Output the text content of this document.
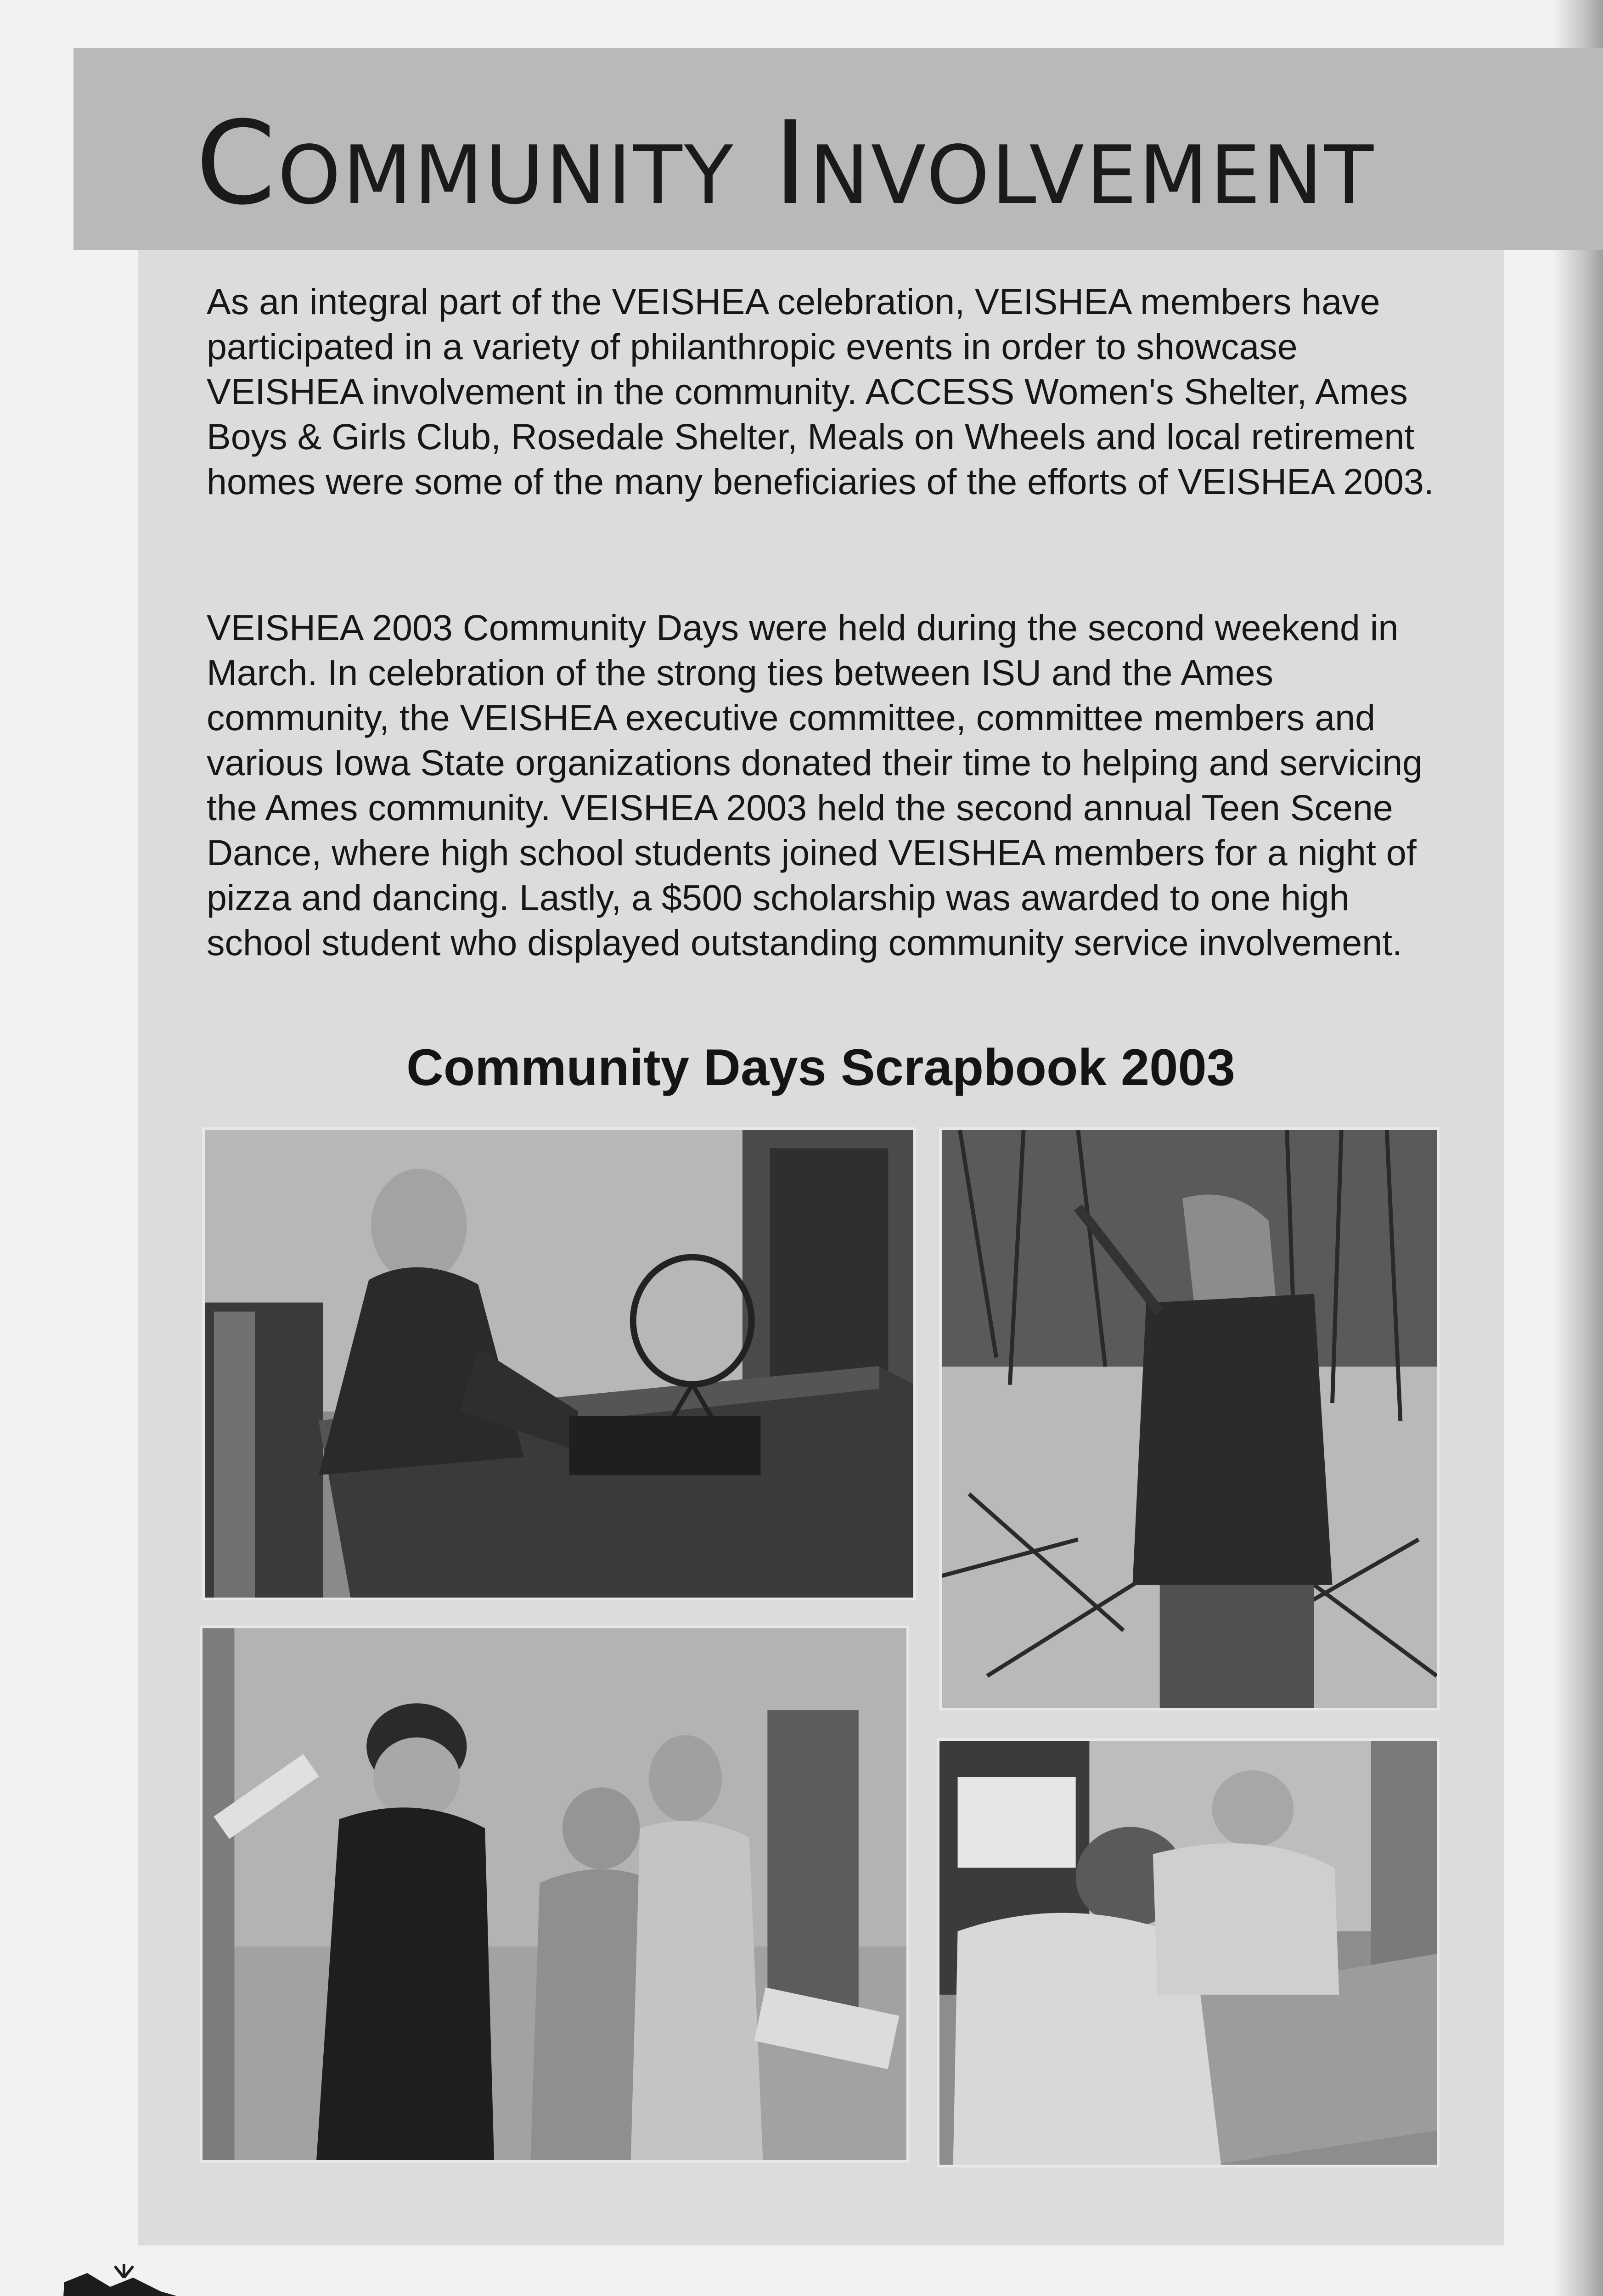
Community Involvement

As an integral part of the VEISHEA celebration, VEISHEA members have participated in a variety of philanthropic events in order to showcase VEISHEA involvement in the community. ACCESS Women's Shelter, Ames Boys & Girls Club, Rosedale Shelter, Meals on Wheels and local retirement homes were some of the many beneficiaries of the efforts of VEISHEA 2003.

VEISHEA 2003 Community Days were held during the second weekend in March. In celebration of the strong ties between ISU and the Ames community, the VEISHEA executive committee, committee members and various Iowa State organizations donated their time to helping and servicing the Ames community. VEISHEA 2003 held the second annual Teen Scene Dance, where high school students joined VEISHEA members for a night of pizza and dancing. Lastly, a $500 scholarship was awarded to one high school student who displayed outstanding community service involvement.

Community Days Scrapbook 2003
